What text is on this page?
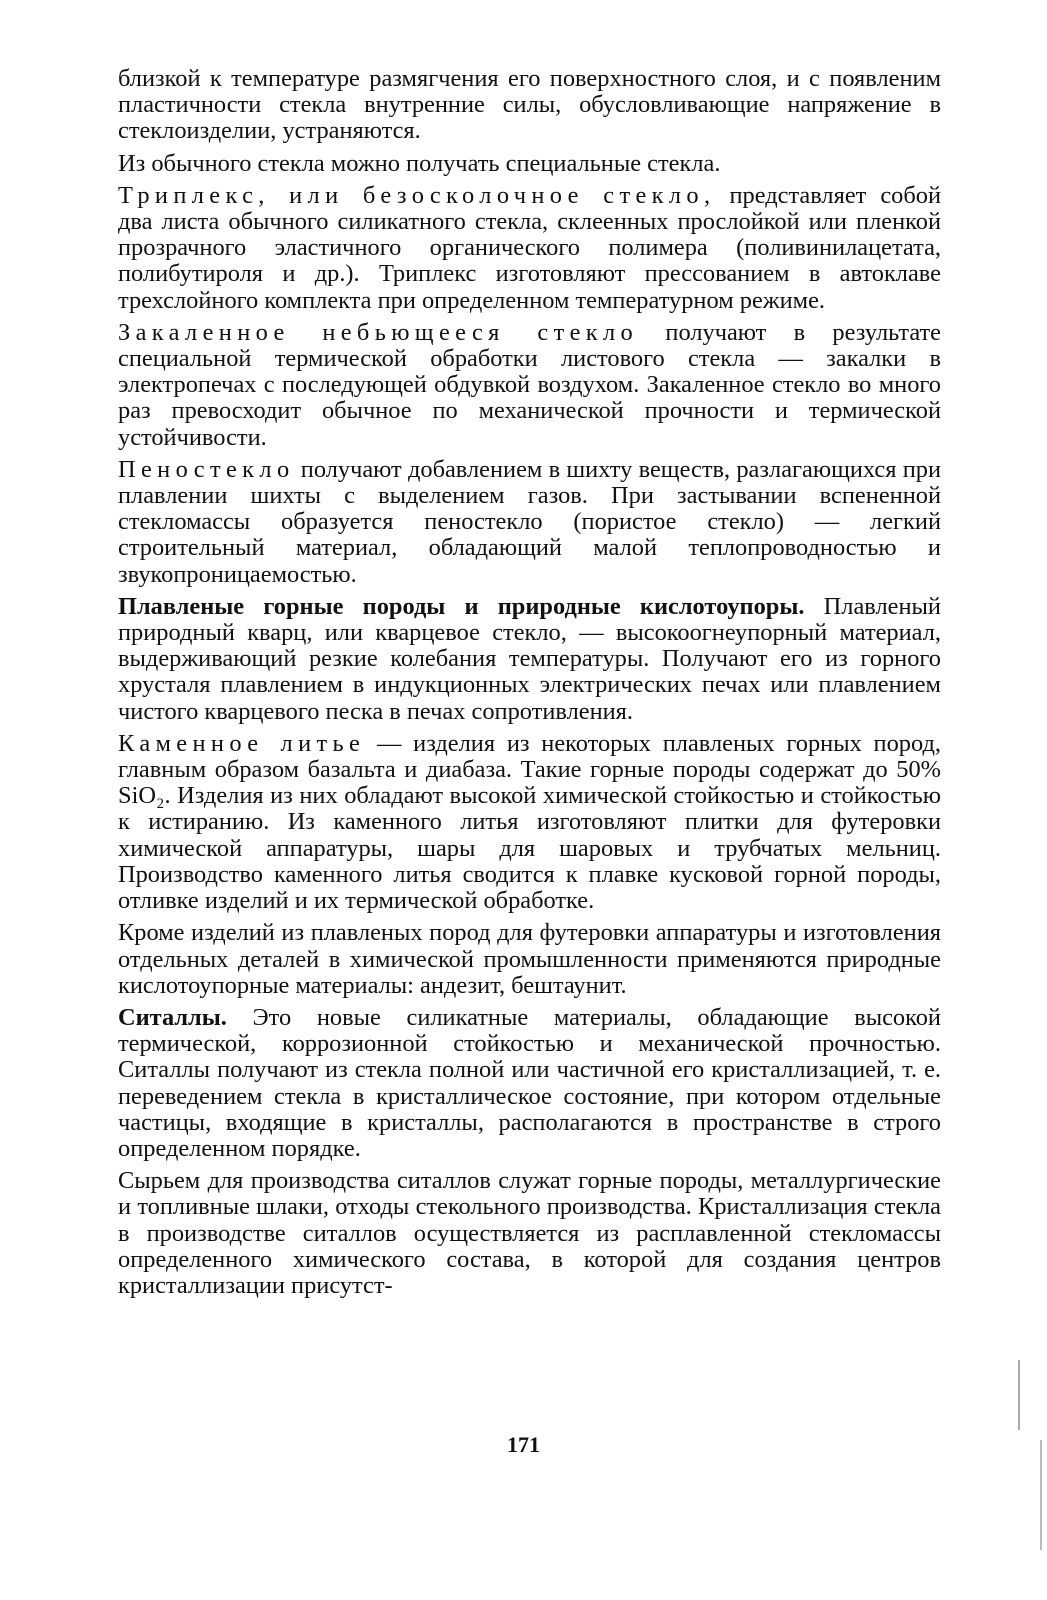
близкой к температуре размягчения его поверхностного слоя, и с появленим пластичности стекла внутренние силы, обусловливающие напряжение в стеклоизделии, устраняются.

Из обычного стекла можно получать специальные стекла.

Триплекс, или безосколочное стекло, представляет собой два листа обычного силикатного стекла, склеенных прослойкой или пленкой прозрачного эластичного органического полимера (поливинилацетата, полибутироля и др.). Триплекс изготовляют прессованием в автоклаве трехслойного комплекта при определенном температурном режиме.

Закаленное небьющееся стекло получают в результате специальной термической обработки листового стекла — закалки в электропечах с последующей обдувкой воздухом. Закаленное стекло во много раз превосходит обычное по механической прочности и термической устойчивости.

Пеностекло получают добавлением в шихту веществ, разлагающихся при плавлении шихты с выделением газов. При застывании вспененной стекломассы образуется пеностекло (пористое стекло) — легкий строительный материал, обладающий малой теплопроводностью и звукопроницаемостью.

Плавленые горные породы и природные кислотоупоры. Плавленый природный кварц, или кварцевое стекло, — высокоогнеупорный материал, выдерживающий резкие колебания температуры. Получают его из горного хрусталя плавлением в индукционных электрических печах или плавлением чистого кварцевого песка в печах сопротивления.

Каменное литье — изделия из некоторых плавленых горных пород, главным образом базальта и диабаза. Такие горные породы содержат до 50% SiO₂. Изделия из них обладают высокой химической стойкостью и стойкостью к истиранию. Из каменного литья изготовляют плитки для футеровки химической аппаратуры, шары для шаровых и трубчатых мельниц. Производство каменного литья сводится к плавке кусковой горной породы, отливке изделий и их термической обработке.

Кроме изделий из плавленых пород для футеровки аппаратуры и изготовления отдельных деталей в химической промышленности применяются природные кислотоупорные материалы: андезит, бештаунит.

Ситаллы. Это новые силикатные материалы, обладающие высокой термической, коррозионной стойкостью и механической прочностью. Ситаллы получают из стекла полной или частичной его кристаллизацией, т. е. переведением стекла в кристаллическое состояние, при котором отдельные частицы, входящие в кристаллы, располагаются в пространстве в строго определенном порядке.

Сырьем для производства ситаллов служат горные породы, металлургические и топливные шлаки, отходы стекольного производства. Кристаллизация стекла в производстве ситаллов осуществляется из расплавленной стекломассы определенного химического состава, в которой для создания центров кристаллизации присутст-

171
